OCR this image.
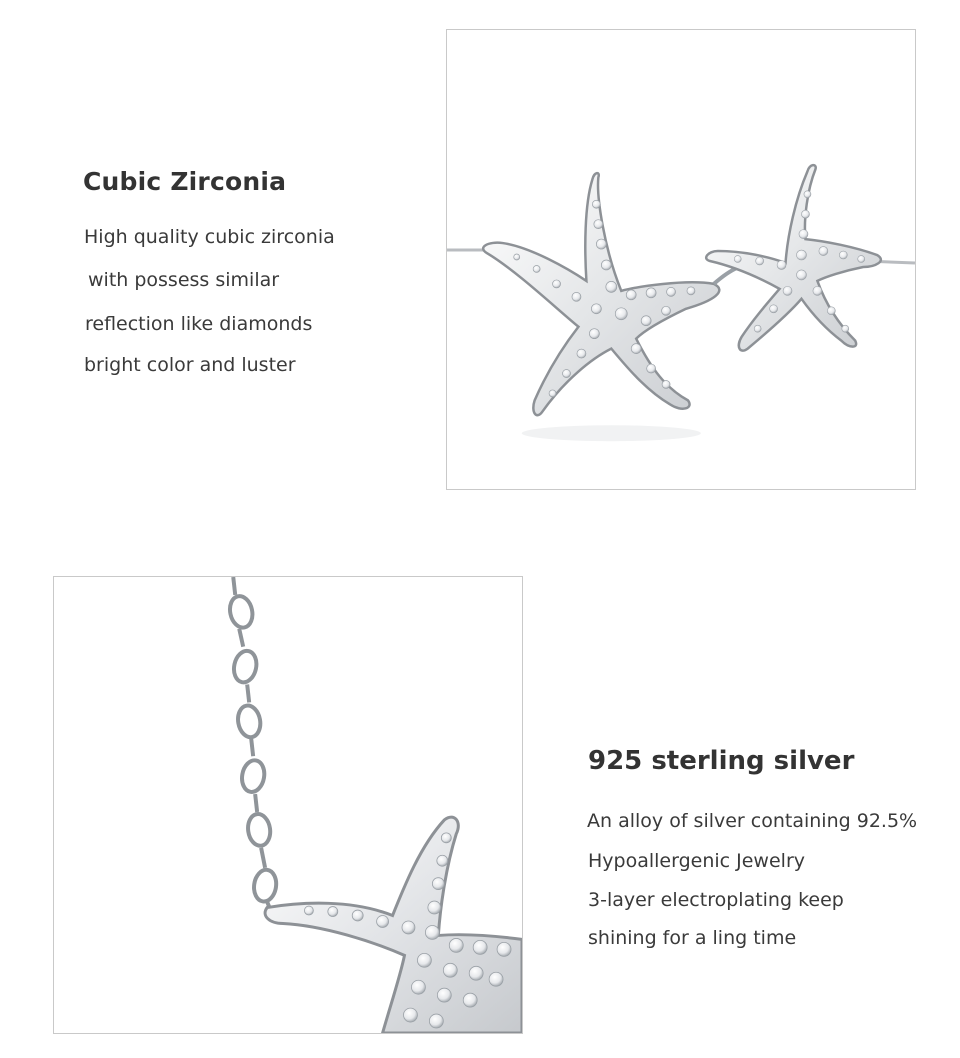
Cubic Zirconia
High quality cubic zirconia
with possess similar
reflection like diamonds
bright color and luster
925 sterling silver
An alloy of silver containing 92.5%
Hypoallergenic Jewelry
3-layer electroplating keep
shining for a ling time
